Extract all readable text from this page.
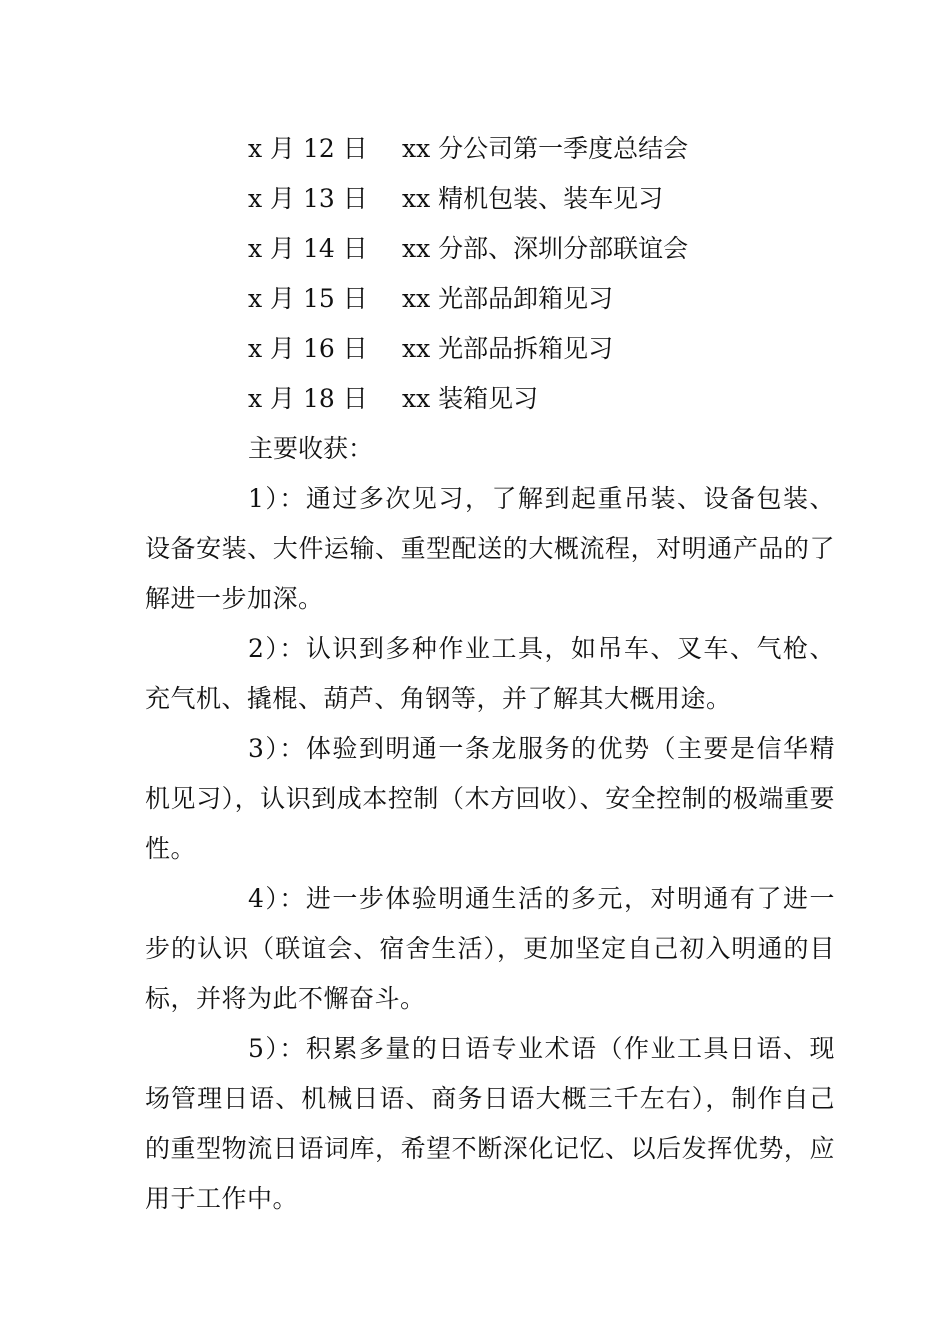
x 月 12 日 xx 分公司第一季度总结会
x 月 13 日 xx 精机包装、装车见习
x 月 14 日 xx 分部、深圳分部联谊会
x 月 15 日 xx 光部品卸箱见习
x 月 16 日 xx 光部品拆箱见习
x 月 18 日 xx 装箱见习
主要收获：

1）：通过多次见习，了解到起重吊装、设备包装、设备安装、大件运输、重型配送的大概流程，对明通产品的了解进一步加深。

2）：认识到多种作业工具，如吊车、叉车、气枪、充气机、撬棍、葫芦、角钢等，并了解其大概用途。

3）：体验到明通一条龙服务的优势（主要是信华精机见习），认识到成本控制（木方回收）、安全控制的极端重要性。

4）：进一步体验明通生活的多元，对明通有了进一步的认识（联谊会、宿舍生活），更加坚定自己初入明通的目标，并将为此不懈奋斗。

5）：积累多量的日语专业术语（作业工具日语、现场管理日语、机械日语、商务日语大概三千左右），制作自己的重型物流日语词库，希望不断深化记忆、以后发挥优势，应用于工作中。
